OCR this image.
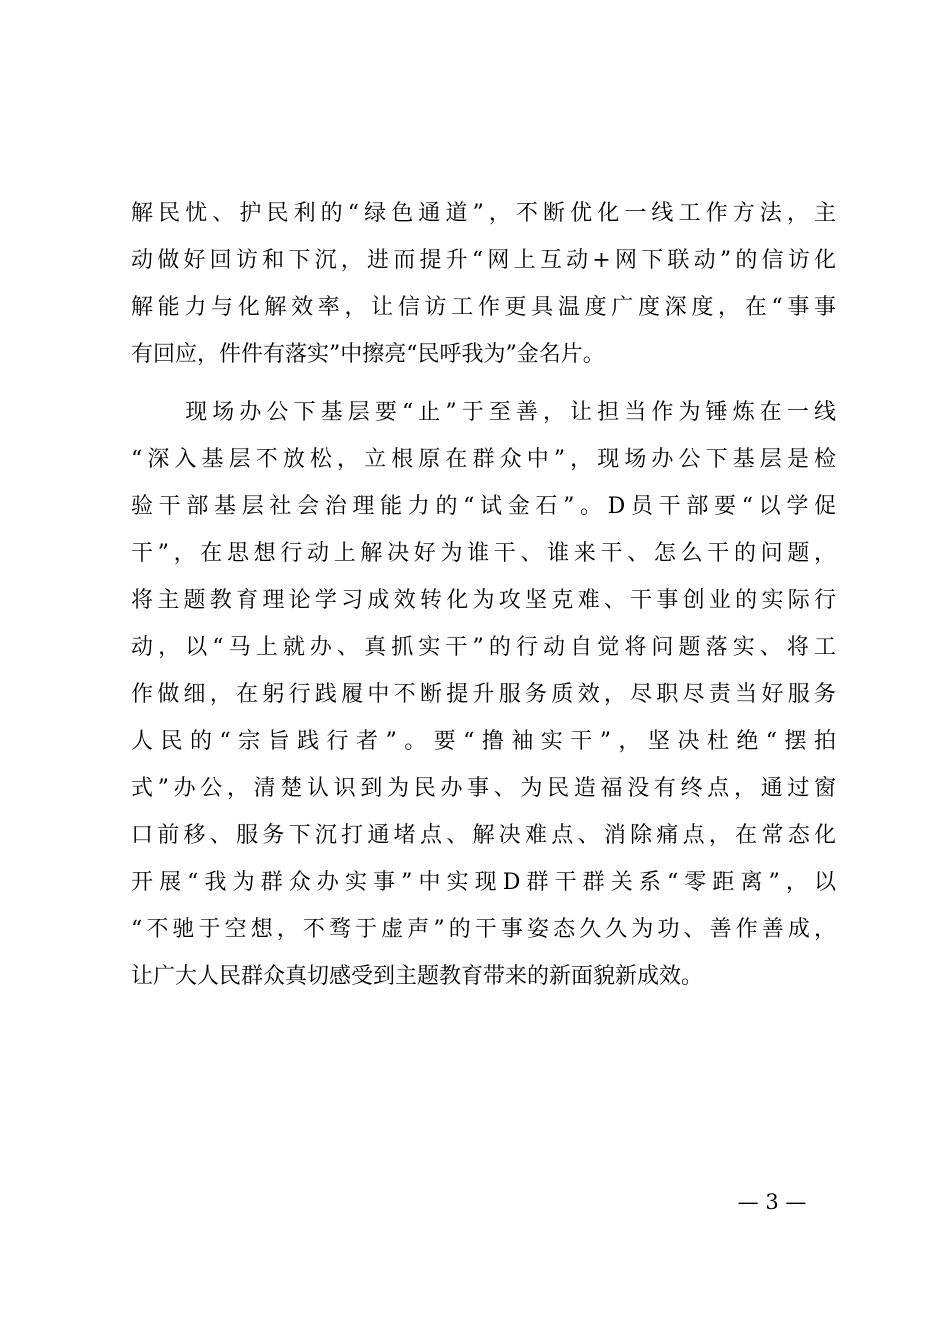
解民忧、护民利的“绿色通道”，不断优化一线工作方法，主
动做好回访和下沉，进而提升“网上互动+网下联动”的信访化
解能力与化解效率，让信访工作更具温度广度深度，在“事事
有回应，件件有落实”中擦亮“民呼我为”金名片。
　　现场办公下基层要“止”于至善，让担当作为锤炼在一线
“深入基层不放松，立根原在群众中”，现场办公下基层是检
验干部基层社会治理能力的“试金石”。D员干部要“以学促
干”，在思想行动上解决好为谁干、谁来干、怎么干的问题，
将主题教育理论学习成效转化为攻坚克难、干事创业的实际行
动，以“马上就办、真抓实干”的行动自觉将问题落实、将工
作做细，在躬行践履中不断提升服务质效，尽职尽责当好服务
人民的“宗旨践行者”。要“撸袖实干”，坚决杜绝“摆拍
式”办公，清楚认识到为民办事、为民造福没有终点，通过窗
口前移、服务下沉打通堵点、解决难点、消除痛点，在常态化
开展“我为群众办实事”中实现D群干群关系“零距离”，以
“不驰于空想，不骛于虚声”的干事姿态久久为功、善作善成，
让广大人民群众真切感受到主题教育带来的新面貌新成效。
— 3 —
